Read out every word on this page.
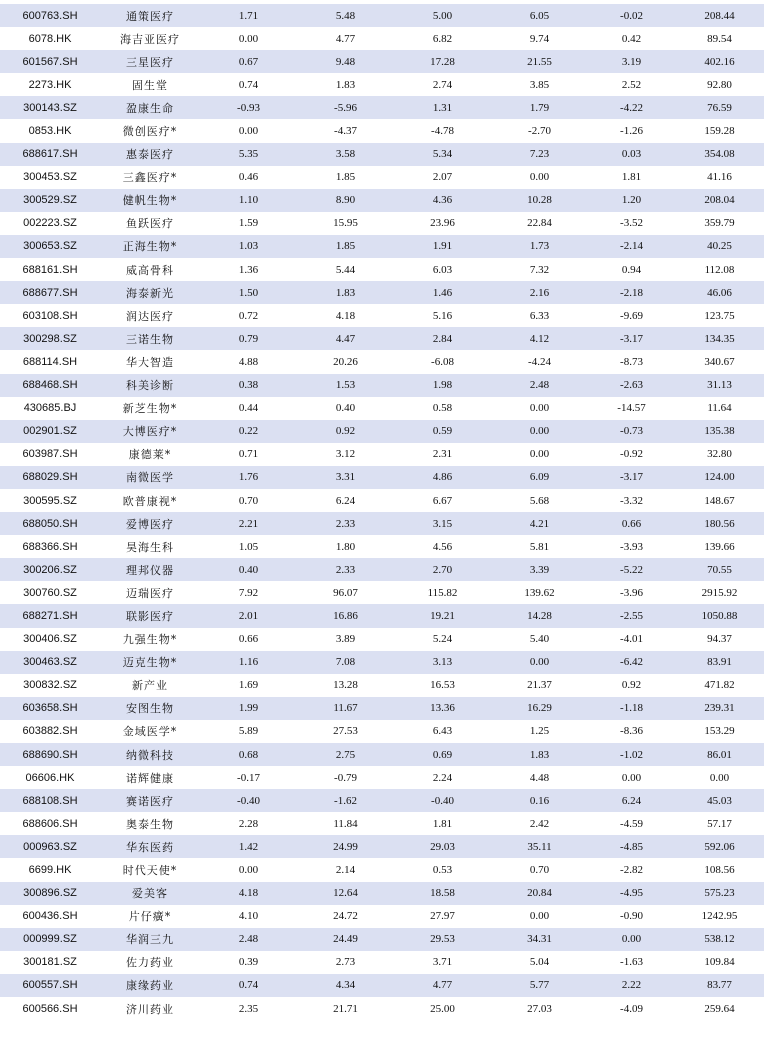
600763.SH	通策医疗	1.71	5.48	5.00	6.05	-0.02	208.44
6078.HK	海吉亚医疗	0.00	4.77	6.82	9.74	0.42	89.54
601567.SH	三星医疗	0.67	9.48	17.28	21.55	3.19	402.16
2273.HK	固生堂	0.74	1.83	2.74	3.85	2.52	92.80
300143.SZ	盈康生命	-0.93	-5.96	1.31	1.79	-4.22	76.59
0853.HK	微创医疗*	0.00	-4.37	-4.78	-2.70	-1.26	159.28
688617.SH	惠泰医疗	5.35	3.58	5.34	7.23	0.03	354.08
300453.SZ	三鑫医疗*	0.46	1.85	2.07	0.00	1.81	41.16
300529.SZ	健帆生物*	1.10	8.90	4.36	10.28	1.20	208.04
002223.SZ	鱼跃医疗	1.59	15.95	23.96	22.84	-3.52	359.79
300653.SZ	正海生物*	1.03	1.85	1.91	1.73	-2.14	40.25
688161.SH	威高骨科	1.36	5.44	6.03	7.32	0.94	112.08
688677.SH	海泰新光	1.50	1.83	1.46	2.16	-2.18	46.06
603108.SH	润达医疗	0.72	4.18	5.16	6.33	-9.69	123.75
300298.SZ	三诺生物	0.79	4.47	2.84	4.12	-3.17	134.35
688114.SH	华大智造	4.88	20.26	-6.08	-4.24	-8.73	340.67
688468.SH	科美诊断	0.38	1.53	1.98	2.48	-2.63	31.13
430685.BJ	新芝生物*	0.44	0.40	0.58	0.00	-14.57	11.64
002901.SZ	大博医疗*	0.22	0.92	0.59	0.00	-0.73	135.38
603987.SH	康德莱*	0.71	3.12	2.31	0.00	-0.92	32.80
688029.SH	南微医学	1.76	3.31	4.86	6.09	-3.17	124.00
300595.SZ	欧普康视*	0.70	6.24	6.67	5.68	-3.32	148.67
688050.SH	爱博医疗	2.21	2.33	3.15	4.21	0.66	180.56
688366.SH	昊海生科	1.05	1.80	4.56	5.81	-3.93	139.66
300206.SZ	理邦仪器	0.40	2.33	2.70	3.39	-5.22	70.55
300760.SZ	迈瑞医疗	7.92	96.07	115.82	139.62	-3.96	2915.92
688271.SH	联影医疗	2.01	16.86	19.21	14.28	-2.55	1050.88
300406.SZ	九强生物*	0.66	3.89	5.24	5.40	-4.01	94.37
300463.SZ	迈克生物*	1.16	7.08	3.13	0.00	-6.42	83.91
300832.SZ	新产业	1.69	13.28	16.53	21.37	0.92	471.82
603658.SH	安图生物	1.99	11.67	13.36	16.29	-1.18	239.31
603882.SH	金域医学*	5.89	27.53	6.43	1.25	-8.36	153.29
688690.SH	纳微科技	0.68	2.75	0.69	1.83	-1.02	86.01
06606.HK	诺辉健康	-0.17	-0.79	2.24	4.48	0.00	0.00
688108.SH	赛诺医疗	-0.40	-1.62	-0.40	0.16	6.24	45.03
688606.SH	奥泰生物	2.28	11.84	1.81	2.42	-4.59	57.17
000963.SZ	华东医药	1.42	24.99	29.03	35.11	-4.85	592.06
6699.HK	时代天使*	0.00	2.14	0.53	0.70	-2.82	108.56
300896.SZ	爱美客	4.18	12.64	18.58	20.84	-4.95	575.23
600436.SH	片仔癀*	4.10	24.72	27.97	0.00	-0.90	1242.95
000999.SZ	华润三九	2.48	24.49	29.53	34.31	0.00	538.12
300181.SZ	佐力药业	0.39	2.73	3.71	5.04	-1.63	109.84
600557.SH	康缘药业	0.74	4.34	4.77	5.77	2.22	83.77
600566.SH	济川药业	2.35	21.71	25.00	27.03	-4.09	259.64
